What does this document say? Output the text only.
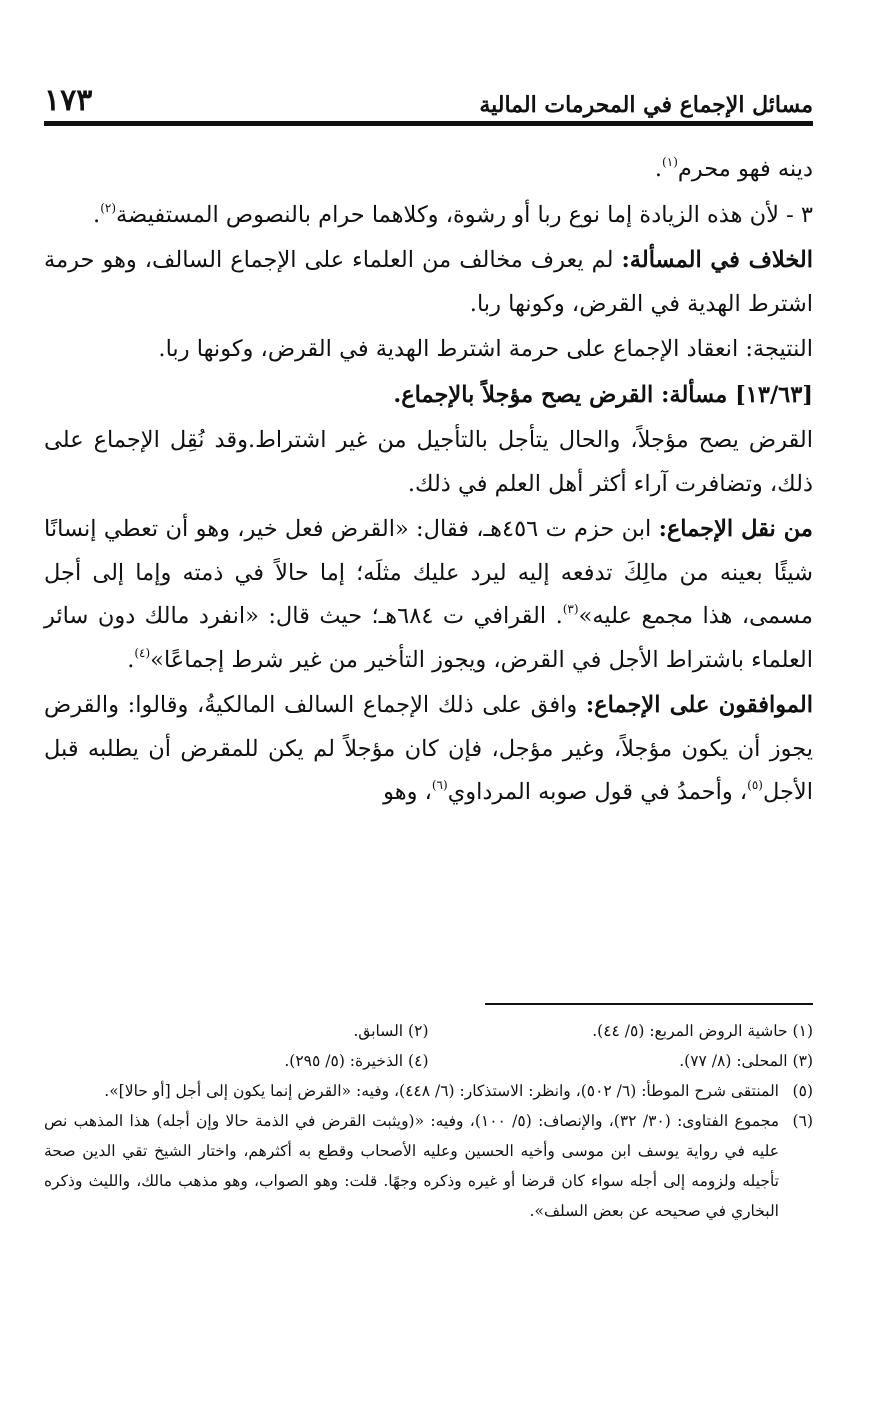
مسائل الإجماع في المحرمات المالية
١٧٣

دينه فهو محرم$^{(١)}$.

٣ - لأن هذه الزيادة إما نوع ربا أو رشوة، وكلاهما حرام بالنصوص المستفيضة$^{(٢)}$.

الخلاف في المسألة: لم يعرف مخالف من العلماء على الإجماع السالف، وهو حرمة اشترط الهدية في القرض، وكونها ربا.

النتيجة: انعقاد الإجماع على حرمة اشترط الهدية في القرض، وكونها ربا.

[١٣/٦٣] مسألة: القرض يصح مؤجلاً بالإجماع.

القرض يصح مؤجلاً، والحال يتأجل بالتأجيل من غير اشتراط.وقد نُقِل الإجماع على ذلك، وتضافرت آراء أكثر أهل العلم في ذلك.

من نقل الإجماع: ابن حزم ت ٤٥٦هـ، فقال: «القرض فعل خير، وهو أن تعطي إنسانًا شيئًا بعينه من مالِكَ تدفعه إليه ليرد عليك مثلَه؛ إما حالاً في ذمته وإما إلى أجل مسمى، هذا مجمع عليه»$^{(٣)}$. القرافي ت ٦٨٤هـ؛ حيث قال: «انفرد مالك دون سائر العلماء باشتراط الأجل في القرض، ويجوز التأخير من غير شرط إجماعًا»$^{(٤)}$.

الموافقون على الإجماع: وافق على ذلك الإجماع السالف المالكيةُ، وقالوا: والقرض يجوز أن يكون مؤجلاً، وغير مؤجل، فإن كان مؤجلاً لم يكن للمقرض أن يطلبه قبل الأجل$^{(٥)}$، وأحمدُ في قول صوبه المرداوي$^{(٦)}$، وهو

(١) حاشية الروض المربع: (٥/ ٤٤).
(٢) السابق.
(٣) المحلى: (٨/ ٧٧).
(٤) الذخيرة: (٥/ ٢٩٥).
(٥)
المنتقى شرح الموطأ: (٦/ ٥٠٢)، وانظر: الاستذكار: (٦/ ٤٤٨)، وفيه: «القرض إنما يكون إلى أجل [أو حالا]».
(٦)
مجموع الفتاوى: (٣٠/ ٣٢)، والإنصاف: (٥/ ١٠٠)، وفيه: «(ويثبت القرض في الذمة حالا وإن أجله) هذا المذهب نص عليه في رواية يوسف ابن موسى وأخيه الحسين وعليه الأصحاب وقطع به أكثرهم، واختار الشيخ تقي الدين صحة تأجيله ولزومه إلى أجله سواء كان قرضا أو غيره وذكره وجهًا. قلت: وهو الصواب، وهو مذهب مالك، والليث وذكره البخاري في صحيحه عن بعض السلف».
